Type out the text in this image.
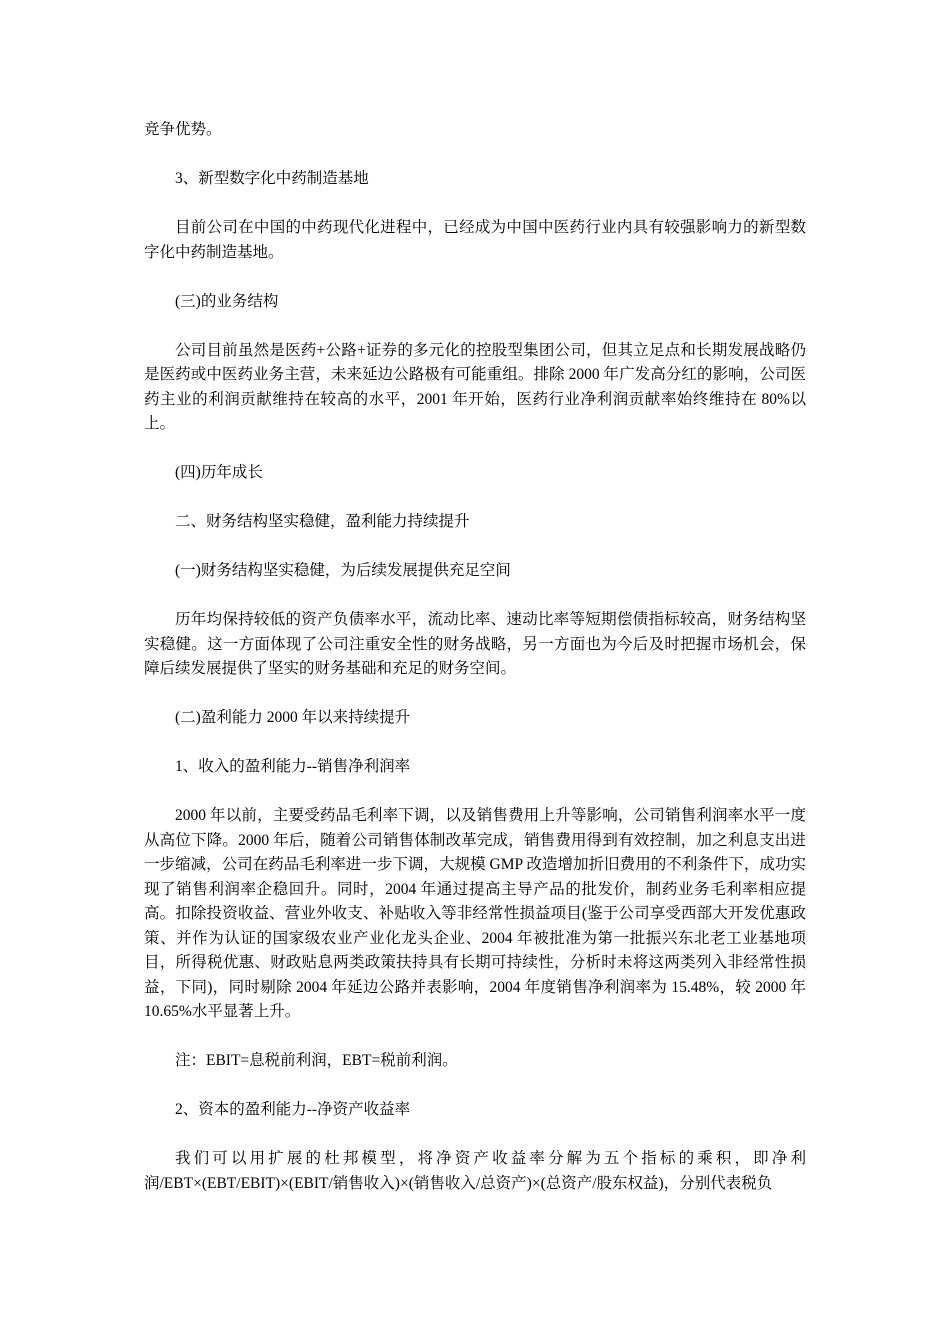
竞争优势。

3、新型数字化中药制造基地

目前公司在中国的中药现代化进程中，已经成为中国中医药行业内具有较强影响力的新型数字化中药制造基地。

(三)的业务结构

公司目前虽然是医药+公路+证券的多元化的控股型集团公司，但其立足点和长期发展战略仍是医药或中医药业务主营，未来延边公路极有可能重组。排除 2000 年广发高分红的影响，公司医药主业的利润贡献维持在较高的水平，2001 年开始，医药行业净利润贡献率始终维持在 80%以上。

(四)历年成长

二、财务结构坚实稳健，盈利能力持续提升

(一)财务结构坚实稳健，为后续发展提供充足空间

历年均保持较低的资产负债率水平，流动比率、速动比率等短期偿债指标较高，财务结构坚实稳健。这一方面体现了公司注重安全性的财务战略，另一方面也为今后及时把握市场机会，保障后续发展提供了坚实的财务基础和充足的财务空间。

(二)盈利能力 2000 年以来持续提升

1、收入的盈利能力--销售净利润率

2000 年以前，主要受药品毛利率下调，以及销售费用上升等影响，公司销售利润率水平一度从高位下降。2000 年后，随着公司销售体制改革完成，销售费用得到有效控制，加之利息支出进一步缩减，公司在药品毛利率进一步下调，大规模 GMP 改造增加折旧费用的不利条件下，成功实现了销售利润率企稳回升。同时，2004 年通过提高主导产品的批发价，制药业务毛利率相应提高。扣除投资收益、营业外收支、补贴收入等非经常性损益项目(鉴于公司享受西部大开发优惠政策、并作为认证的国家级农业产业化龙头企业、2004 年被批准为第一批振兴东北老工业基地项目，所得税优惠、财政贴息两类政策扶持具有长期可持续性，分析时未将这两类列入非经常性损益，下同)，同时剔除 2004 年延边公路并表影响，2004 年度销售净利润率为 15.48%，较 2000 年 10.65%水平显著上升。

注：EBIT=息税前利润，EBT=税前利润。

2、资本的盈利能力--净资产收益率

我们可以用扩展的杜邦模型，将净资产收益率分解为五个指标的乘积，即净利润/EBT×(EBT/EBIT)×(EBIT/销售收入)×(销售收入/总资产)×(总资产/股东权益)，分别代表税负
